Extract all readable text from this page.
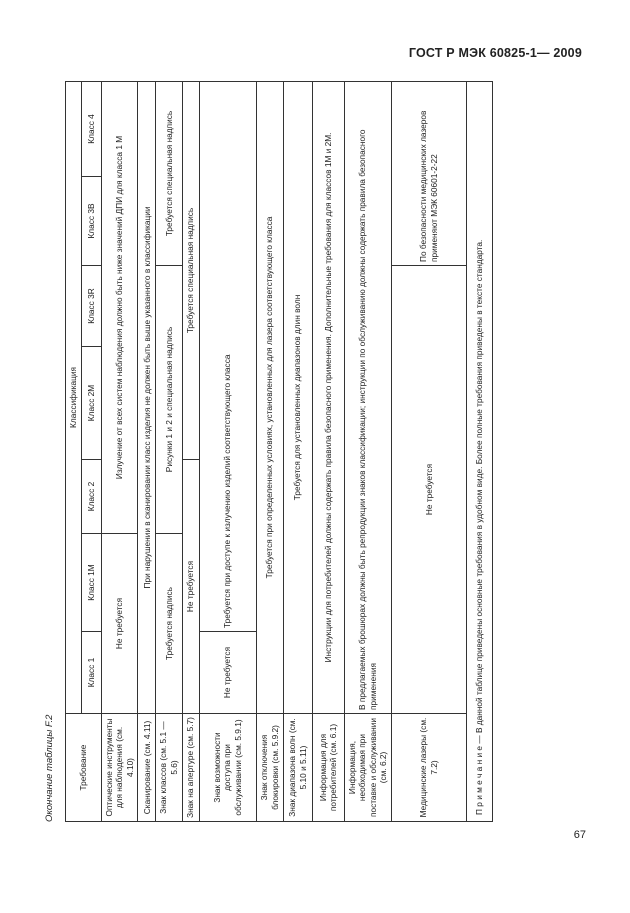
ГОСТ Р МЭК 60825-1— 2009
Окончание таблицы F.2	Требование	Классификация						
	Класс 1	Класс 1М	Класс 2	Класс 2М	Класс 3R	Класс 3В	Класс 4
Оптические инструменты для наблюдения (см. 4.10)	Не требуется		Излучение от всех систем наблюдения должно быть ниже значений ДПИ для класса 1 М				
Сканирование (см. 4.11)	При нарушении в сканировании класс изделия не должен быть выше указанного в классификации						
Знак классов (см. 5.1 — 5.6)	Требуется надпись		Рисунки 1 и 2 и специальная надпись			Требуется специальная надпись	
Знак на апертуре (см. 5.7)	Не требуется			Требуется специальная надпись			
Знак возможности доступа при обслуживании (см. 5.9.1)	Не требуется	Требуется при доступе к излучению изделий соответствующего класса					
Знак отключения блокировки (см. 5.9.2)	Требуется при определенных условиях, установленных для лазера соответствующего класса						
Знак диапазона волн (см. 5.10 и 5.11)	Требуется для установленных диапазонов длин волн						
Информация для потребителей (см. 6.1)	Инструкции для потребителей должны содержать правила безопасного применения. Дополнительные требования для классов 1М и 2М.						
Информация, необходимая при поставке и обслуживании (см. 6.2)	В предлагаемых брошюрах должны быть репродукции знаков классификации; инструкции по обслуживанию должны содержать правила безопасного применения						
Медицинские лазеры (см. 7.2)	Не требуется					По безопасности медицинских лазеров применяют МЭК 60601-2-22	
П р и м е ч а н и е — В данной таблице приведены основные требования в удобном виде. Более полные требования приведены в тексте стандарта.							
67
